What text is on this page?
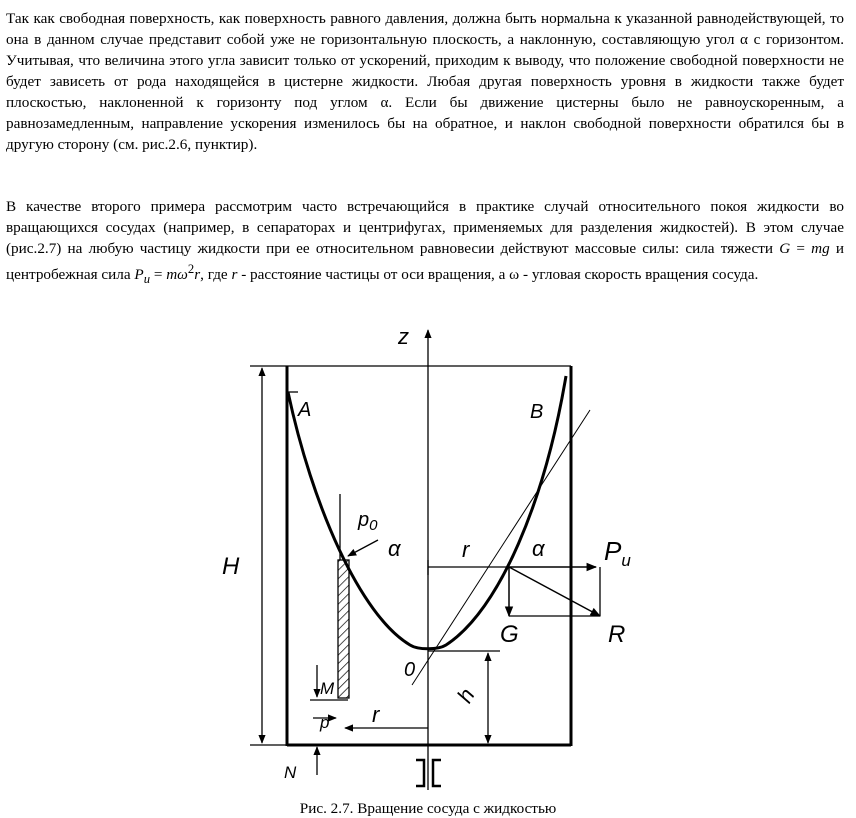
Так как свободная поверхность, как поверхность равного давления, должна быть нормальна к указанной равнодействующей, то она в данном случае представит собой уже не горизонтальную плоскость, а наклонную, составляющую угол α с горизонтом. Учитывая, что величина этого угла зависит только от ускорений, приходим к выводу, что положение свободной поверхности не будет зависеть от рода находящейся в цистерне жидкости. Любая другая поверхность уровня в жидкости также будет плоскостью, наклоненной к горизонту под углом α. Если бы движение цистерны было не равноускоренным, а равнозамедленным, направление ускорения изменилось бы на обратное, и наклон свободной поверхности обратился бы в другую сторону (см. рис.2.6, пунктир).

В качестве второго примера рассмотрим часто встречающийся в практике случай относительного покоя жидкости во вращающихся сосудах (например, в сепараторах и центрифугах, применяемых для разделения жидкостей). В этом случае (рис.2.7) на любую частицу жидкости при ее относительном равновесии действуют массовые силы: сила тяжести G = mg и центробежная сила $P_u = m\omega^2r$, где r - расстояние частицы от оси вращения, а ω - угловая скорость вращения сосуда.

z
A	B
H
$p_0$
α	r	α $P_u$
G	R
0
M
p r
h
N
Рис. 2.7. Вращение сосуда с жидкостью
